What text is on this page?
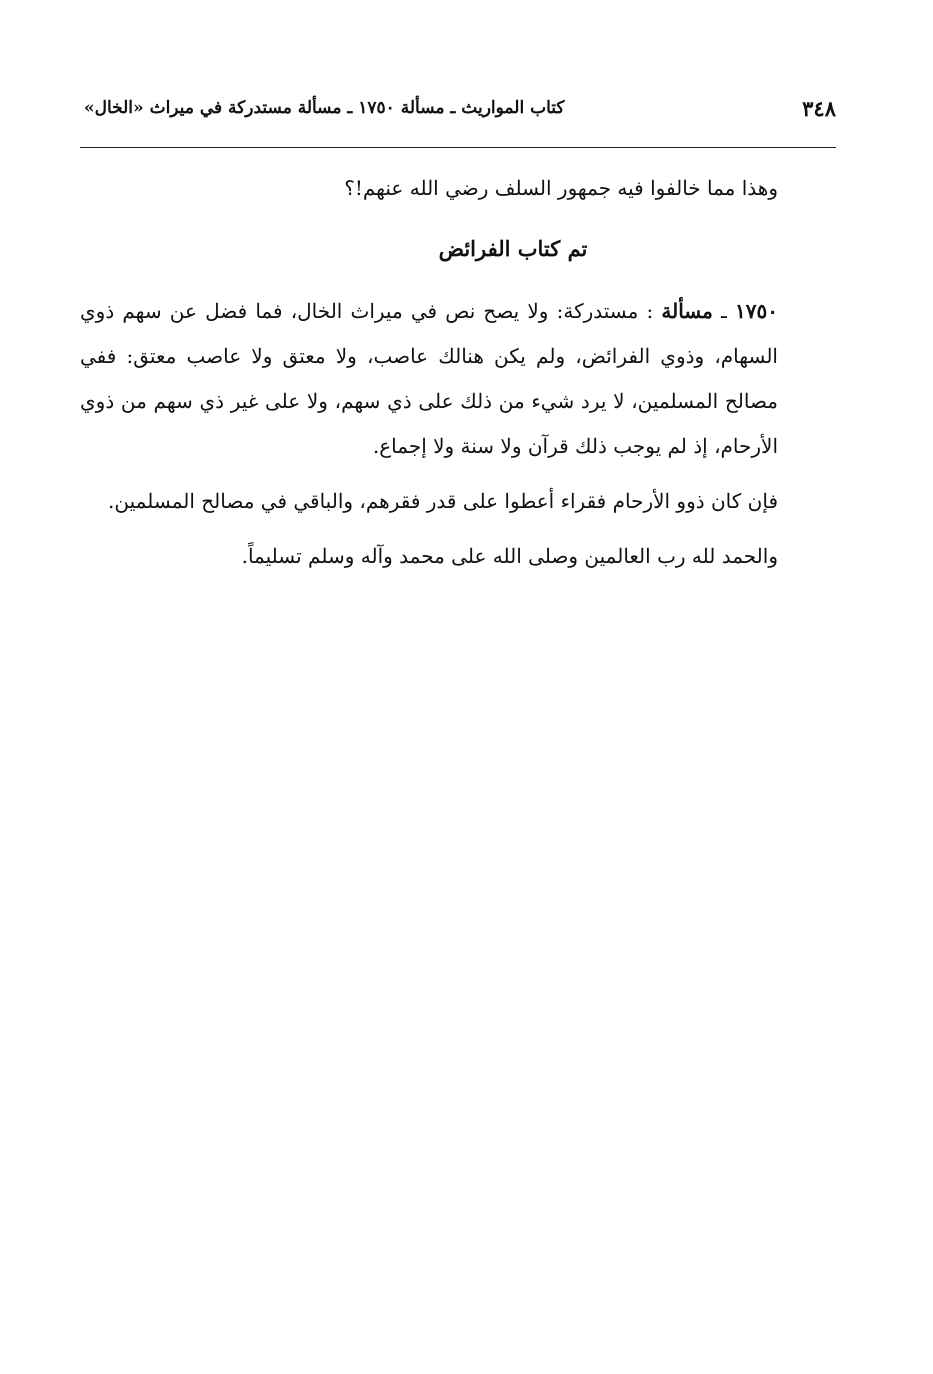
٣٤٨
كتاب المواريث ـ مسألة ١٧٥٠ ـ مسألة مستدركة في ميراث «الخال»

وهذا مما خالفوا فيه جمهور السلف رضي الله عنهم!؟

تم كتاب الفرائض

١٧٥٠ ـ مسألة : مستدركة: ولا يصح نص في ميراث الخال، فما فضل عن سهم ذوي السهام، وذوي الفرائض، ولم يكن هنالك عاصب، ولا معتق ولا عاصب معتق: ففي مصالح المسلمين، لا يرد شيء من ذلك على ذي سهم، ولا على غير ذي سهم من ذوي الأرحام، إذ لم يوجب ذلك قرآن ولا سنة ولا إجماع.

فإن كان ذوو الأرحام فقراء أعطوا على قدر فقرهم، والباقي في مصالح المسلمين.

والحمد لله رب العالمين وصلى الله على محمد وآله وسلم تسليماً.
